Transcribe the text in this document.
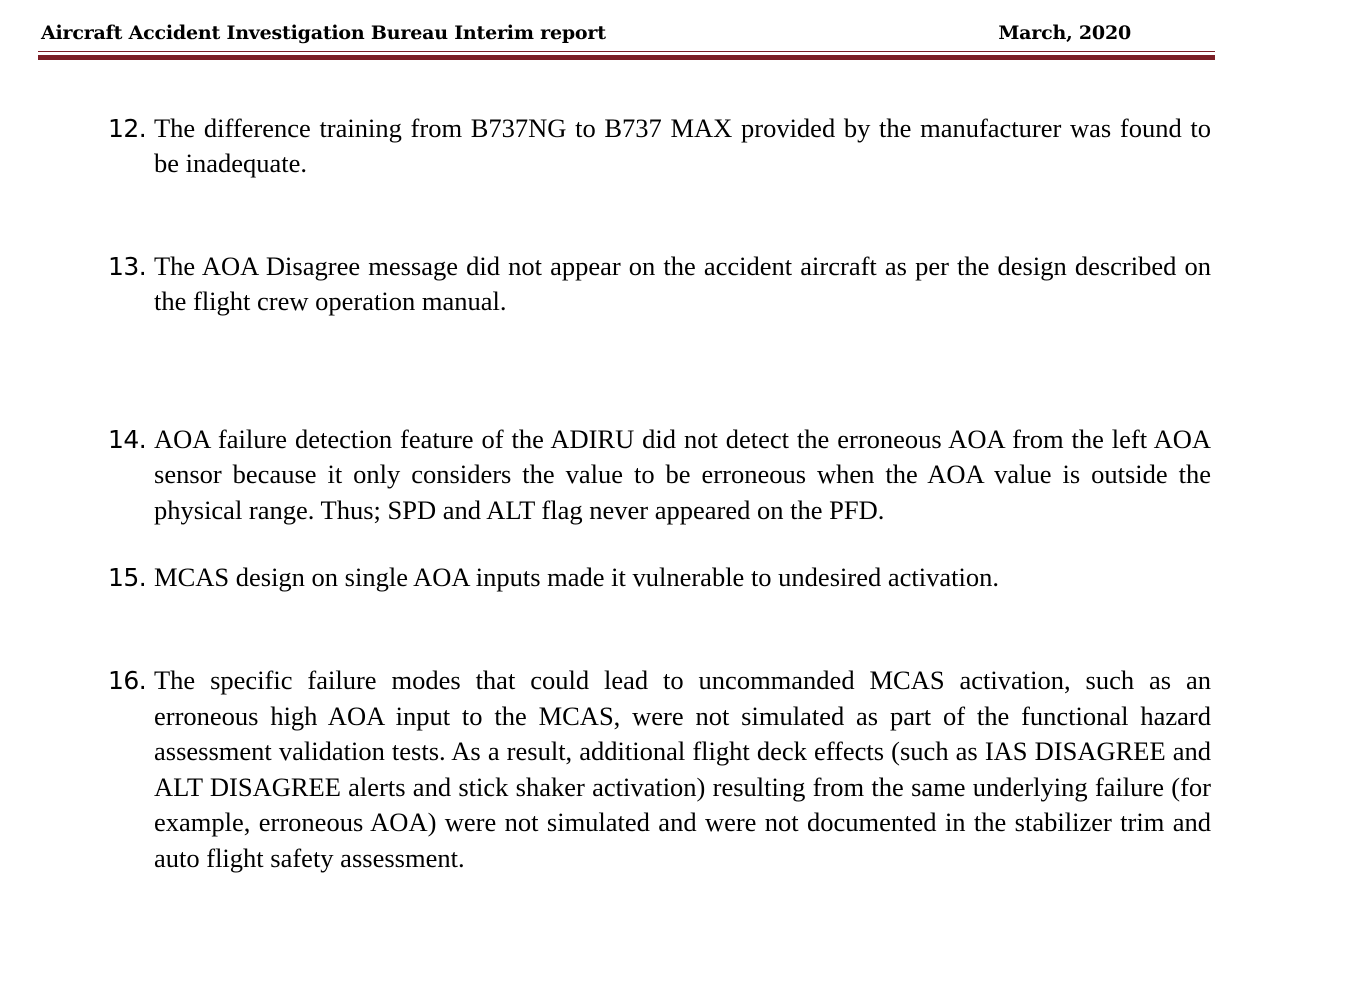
Aircraft Accident Investigation Bureau Interim report	March, 2020
12. The difference training from B737NG to B737 MAX provided by the manufacturer was found to be inadequate.
13. The AOA Disagree message did not appear on the accident aircraft as per the design described on the flight crew operation manual.
14. AOA failure detection feature of the ADIRU did not detect the erroneous AOA from the left AOA sensor because it only considers the value to be erroneous when the AOA value is outside the physical range. Thus; SPD and ALT flag never appeared on the PFD.
15. MCAS design on single AOA inputs made it vulnerable to undesired activation.
16. The specific failure modes that could lead to uncommanded MCAS activation, such as an erroneous high AOA input to the MCAS, were not simulated as part of the functional hazard assessment validation tests. As a result, additional flight deck effects (such as IAS DISAGREE and ALT DISAGREE alerts and stick shaker activation) resulting from the same underlying failure (for example, erroneous AOA) were not simulated and were not documented in the stabilizer trim and auto flight safety assessment.
